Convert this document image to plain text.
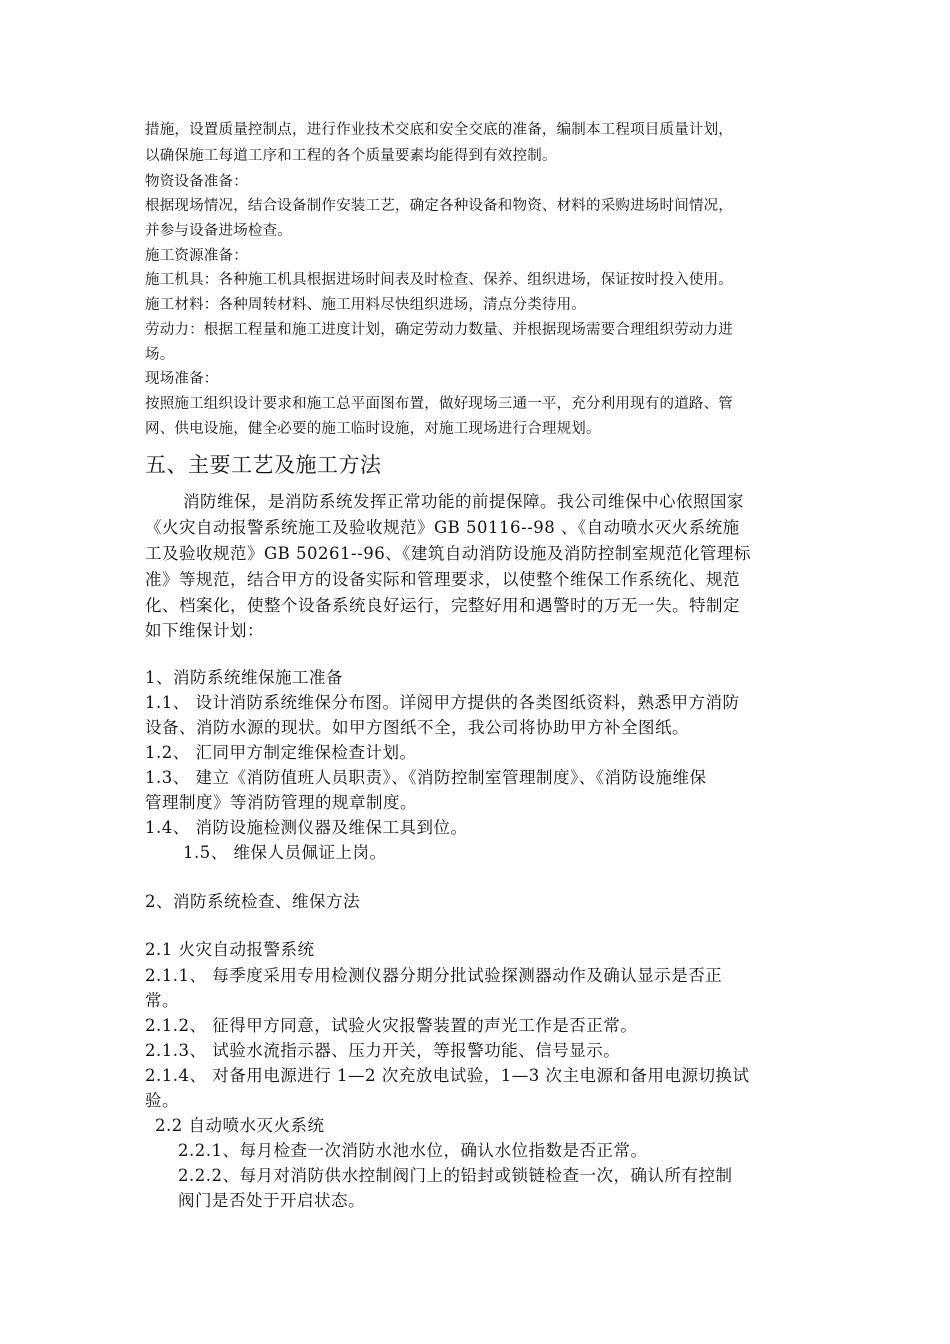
措施，设置质量控制点，进行作业技术交底和安全交底的准备，编制本工程项目质量计划，
以确保施工每道工序和工程的各个质量要素均能得到有效控制。
物资设备准备：
根据现场情况，结合设备制作安装工艺，确定各种设备和物资、材料的采购进场时间情况，
并参与设备进场检查。
施工资源准备：
施工机具：各种施工机具根据进场时间表及时检查、保养、组织进场，保证按时投入使用。
施工材料：各种周转材料、施工用料尽快组织进场，清点分类待用。
劳动力：根据工程量和施工进度计划，确定劳动力数量、并根据现场需要合理组织劳动力进
场。
现场准备：
按照施工组织设计要求和施工总平面图布置，做好现场三通一平，充分利用现有的道路、管
网、供电设施，健全必要的施工临时设施，对施工现场进行合理规划。
五、主要工艺及施工方法
消防维保，是消防系统发挥正常功能的前提保障。我公司维保中心依照国家
《火灾自动报警系统施工及验收规范》GB 50116--98 、《自动喷水灭火系统施
工及验收规范》GB 50261--96、《建筑自动消防设施及消防控制室规范化管理标
准》等规范，结合甲方的设备实际和管理要求，以使整个维保工作系统化、规范
化、档案化，使整个设备系统良好运行，完整好用和遇警时的万无一失。特制定
如下维保计划：
1、消防系统维保施工准备
1.1、 设计消防系统维保分布图。详阅甲方提供的各类图纸资料，熟悉甲方消防
设备、消防水源的现状。如甲方图纸不全，我公司将协助甲方补全图纸。
1.2、 汇同甲方制定维保检查计划。
1.3、 建立《消防值班人员职责》、《消防控制室管理制度》、《消防设施维保
管理制度》等消防管理的规章制度。
1.4、 消防设施检测仪器及维保工具到位。
1.5、 维保人员佩证上岗。
2、消防系统检查、维保方法
2.1 火灾自动报警系统
2.1.1、 每季度采用专用检测仪器分期分批试验探测器动作及确认显示是否正
常。
2.1.2、 征得甲方同意，试验火灾报警装置的声光工作是否正常。
2.1.3、 试验水流指示器、压力开关，等报警功能、信号显示。
2.1.4、 对备用电源进行 1—2 次充放电试验，1—3 次主电源和备用电源切换试
验。
2.2 自动喷水灭火系统
2.2.1、每月检查一次消防水池水位，确认水位指数是否正常。
2.2.2、每月对消防供水控制阀门上的铅封或锁链检查一次，确认所有控制
阀门是否处于开启状态。
